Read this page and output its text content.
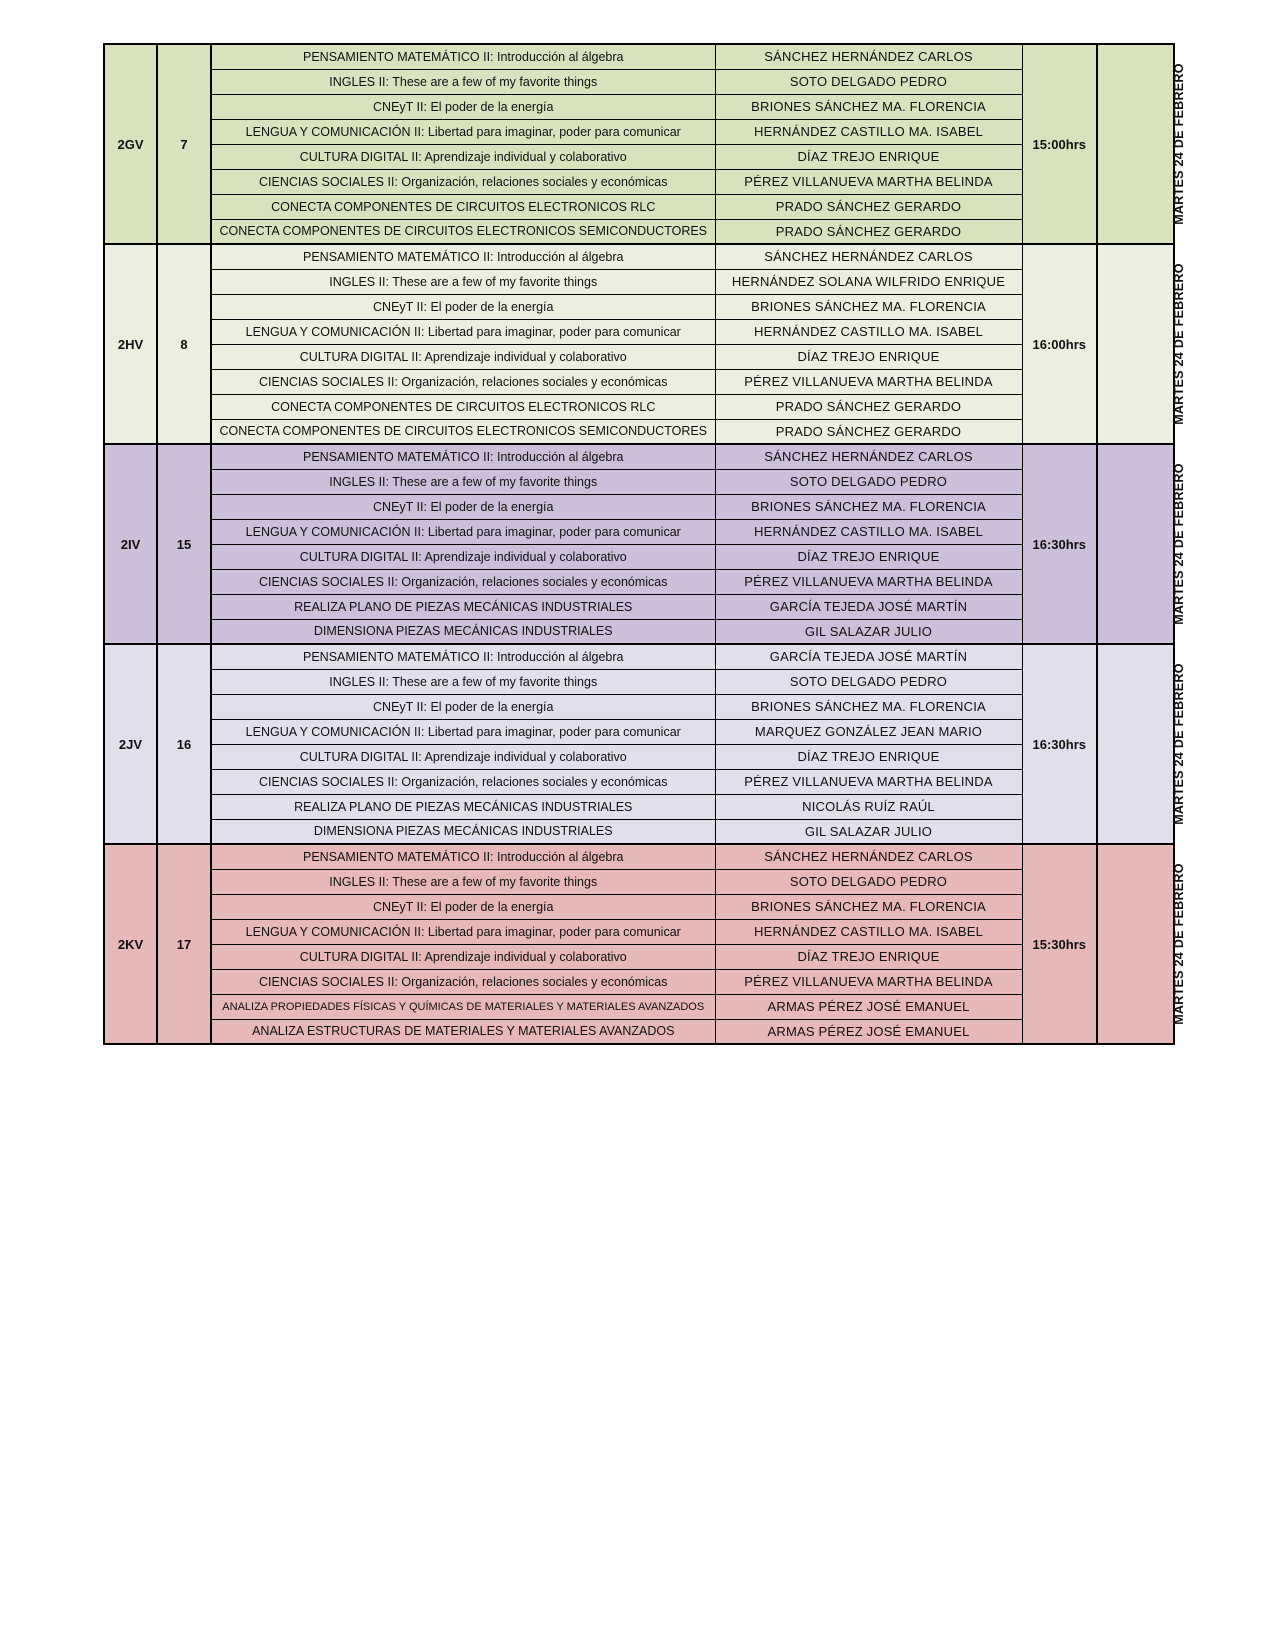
2GV	7	PENSAMIENTO MATEMÁTICO II: Introducción al álgebra	SÁNCHEZ HERNÁNDEZ CARLOS	15:00hrs	MARTES 24 DE FEBRERO
		INGLES II: These are a few of my favorite things	SOTO DELGADO PEDRO		
		CNEyT II: El poder de la energía	BRIONES SÁNCHEZ MA. FLORENCIA		
		LENGUA Y COMUNICACIÓN II: Libertad para imaginar, poder para comunicar	HERNÁNDEZ CASTILLO MA. ISABEL		
		CULTURA DIGITAL II: Aprendizaje individual y colaborativo	DÍAZ TREJO ENRIQUE		
		CIENCIAS SOCIALES II: Organización, relaciones sociales y económicas	PÉREZ VILLANUEVA MARTHA BELINDA		
		CONECTA COMPONENTES DE CIRCUITOS ELECTRONICOS RLC	PRADO SÁNCHEZ GERARDO		
		CONECTA COMPONENTES DE CIRCUITOS ELECTRONICOS SEMICONDUCTORES	PRADO SÁNCHEZ GERARDO		
2HV	8	PENSAMIENTO MATEMÁTICO II: Introducción al álgebra	SÁNCHEZ HERNÁNDEZ CARLOS	16:00hrs	MARTES 24 DE FEBRERO
		INGLES II: These are a few of my favorite things	HERNÁNDEZ SOLANA WILFRIDO ENRIQUE		
		CNEyT II: El poder de la energía	BRIONES SÁNCHEZ MA. FLORENCIA		
		LENGUA Y COMUNICACIÓN II: Libertad para imaginar, poder para comunicar	HERNÁNDEZ CASTILLO MA. ISABEL		
		CULTURA DIGITAL II: Aprendizaje individual y colaborativo	DÍAZ TREJO ENRIQUE		
		CIENCIAS SOCIALES II: Organización, relaciones sociales y económicas	PÉREZ VILLANUEVA MARTHA BELINDA		
		CONECTA COMPONENTES DE CIRCUITOS ELECTRONICOS RLC	PRADO SÁNCHEZ GERARDO		
		CONECTA COMPONENTES DE CIRCUITOS ELECTRONICOS SEMICONDUCTORES	PRADO SÁNCHEZ GERARDO		
2IV	15	PENSAMIENTO MATEMÁTICO II: Introducción al álgebra	SÁNCHEZ HERNÁNDEZ CARLOS	16:30hrs	MARTES 24 DE FEBRERO
		INGLES II: These are a few of my favorite things	SOTO DELGADO PEDRO		
		CNEyT II: El poder de la energía	BRIONES SÁNCHEZ MA. FLORENCIA		
		LENGUA Y COMUNICACIÓN II: Libertad para imaginar, poder para comunicar	HERNÁNDEZ CASTILLO MA. ISABEL		
		CULTURA DIGITAL II: Aprendizaje individual y colaborativo	DÍAZ TREJO ENRIQUE		
		CIENCIAS SOCIALES II: Organización, relaciones sociales y económicas	PÉREZ VILLANUEVA MARTHA BELINDA		
		REALIZA PLANO DE PIEZAS MECÁNICAS INDUSTRIALES	GARCÍA TEJEDA JOSÉ MARTÍN		
		DIMENSIONA PIEZAS MECÁNICAS INDUSTRIALES	GIL SALAZAR JULIO		
2JV	16	PENSAMIENTO MATEMÁTICO II: Introducción al álgebra	GARCÍA TEJEDA JOSÉ MARTÍN	16:30hrs	MARTES 24 DE FEBRERO
		INGLES II: These are a few of my favorite things	SOTO DELGADO PEDRO		
		CNEyT II: El poder de la energía	BRIONES SÁNCHEZ MA. FLORENCIA		
		LENGUA Y COMUNICACIÓN II: Libertad para imaginar, poder para comunicar	MARQUEZ GONZÁLEZ JEAN MARIO		
		CULTURA DIGITAL II: Aprendizaje individual y colaborativo	DÍAZ TREJO ENRIQUE		
		CIENCIAS SOCIALES II: Organización, relaciones sociales y económicas	PÉREZ VILLANUEVA MARTHA BELINDA		
		REALIZA PLANO DE PIEZAS MECÁNICAS INDUSTRIALES	NICOLÁS RUÍZ RAÚL		
		DIMENSIONA PIEZAS MECÁNICAS INDUSTRIALES	GIL SALAZAR JULIO		
2KV	17	PENSAMIENTO MATEMÁTICO II: Introducción al álgebra	SÁNCHEZ HERNÁNDEZ CARLOS	15:30hrs	MARTES 24 DE FEBRERO
		INGLES II: These are a few of my favorite things	SOTO DELGADO PEDRO		
		CNEyT II: El poder de la energía	BRIONES SÁNCHEZ MA. FLORENCIA		
		LENGUA Y COMUNICACIÓN II: Libertad para imaginar, poder para comunicar	HERNÁNDEZ CASTILLO MA. ISABEL		
		CULTURA DIGITAL II: Aprendizaje individual y colaborativo	DÍAZ TREJO ENRIQUE		
		CIENCIAS SOCIALES II: Organización, relaciones sociales y económicas	PÉREZ VILLANUEVA MARTHA BELINDA		
		ANALIZA PROPIEDADES FÍSICAS Y QUÍMICAS DE MATERIALES Y MATERIALES AVANZADOS	ARMAS PÉREZ JOSÉ EMANUEL		
		ANALIZA ESTRUCTURAS DE MATERIALES Y MATERIALES AVANZADOS	ARMAS PÉREZ JOSÉ EMANUEL		
